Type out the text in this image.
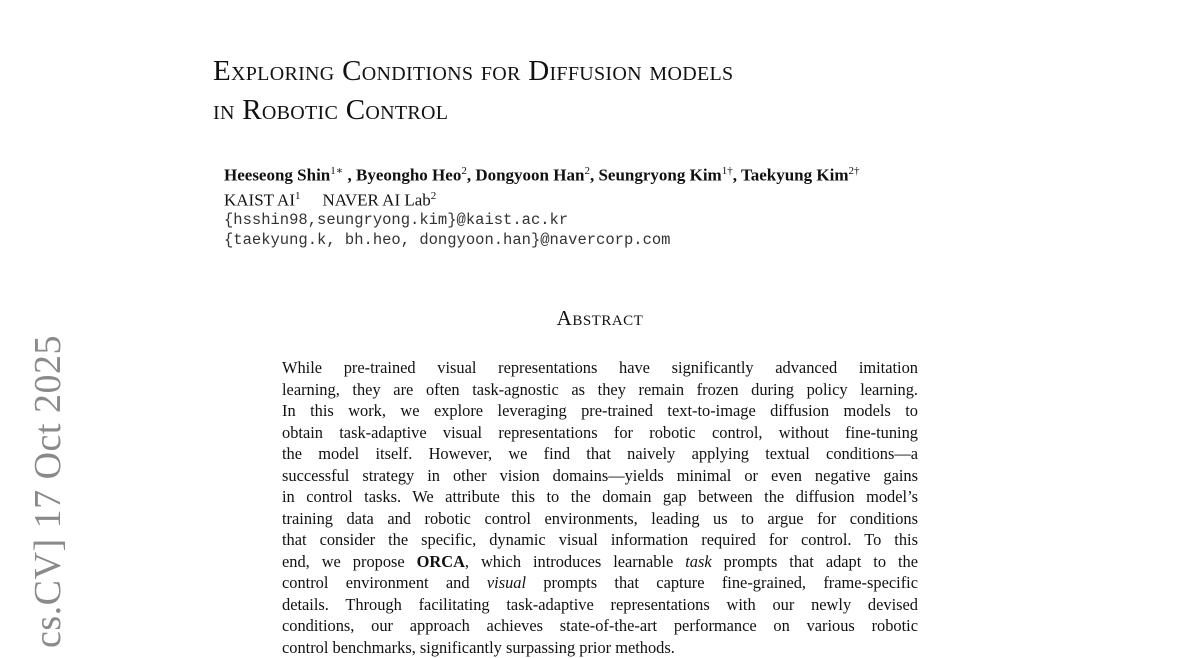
cs.CV] 17 Oct 2025
Exploring Conditions for Diffusion models
in Robotic Control
Heeseong Shin$^{1∗}$ , Byeongho Heo$^2$, Dongyoon Han$^2$, Seungryong Kim$^{1\dagger}$, Taekyung Kim$^{2\dagger}$
KAIST $AI^1$ NAVER AI Lab$^2$
{hsshin98,seungryong.kim}@kaist.ac.kr
{taekyung.k, bh.heo, dongyoon.han}@navercorp.com
Abstract
While pre-trained visual representations have significantly advanced imitation
learning, they are often task-agnostic as they remain frozen during policy learning.
In this work, we explore leveraging pre-trained text-to-image diffusion models to
obtain task-adaptive visual representations for robotic control, without fine-tuning
the model itself. However, we find that naively applying textual conditions—a
successful strategy in other vision domains—yields minimal or even negative gains
in control tasks. We attribute this to the domain gap between the diffusion model’s
training data and robotic control environments, leading us to argue for conditions
that consider the specific, dynamic visual information required for control. To this
end, we propose ORCA, which introduces learnable task prompts that adapt to the
control environment and visual prompts that capture fine-grained, frame-specific
details. Through facilitating task-adaptive representations with our newly devised
conditions, our approach achieves state-of-the-art performance on various robotic
control benchmarks, significantly surpassing prior methods.
